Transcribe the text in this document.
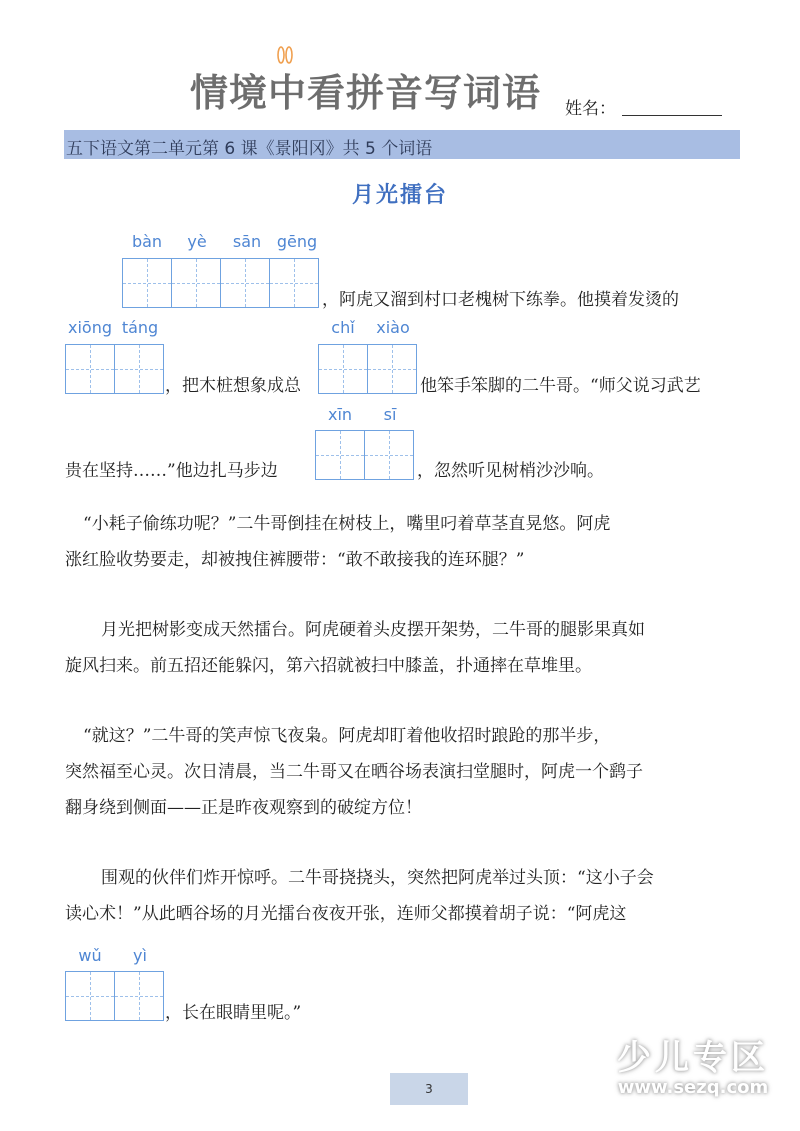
情境中看拼音写词语 姓名：
五下语文第二单元第 6 课《景阳冈》共 5 个词语
月光擂台
bàn	yè	sān gēng
，阿虎又溜到村口老槐树下练拳。他摸着发烫的
xiōng táng
，把木桩想象成总
chǐ	xiào
他笨手笨脚的二牛哥。“师父说习武艺
贵在坚持……”他边扎马步边
xīn	sī
，忽然听见树梢沙沙响。
“小耗子偷练功呢？”二牛哥倒挂在树枝上，嘴里叼着草茎直晃悠。阿虎
涨红脸收势要走，却被拽住裤腰带：“敢不敢接我的连环腿？”
月光把树影变成天然擂台。阿虎硬着头皮摆开架势，二牛哥的腿影果真如
旋风扫来。前五招还能躲闪，第六招就被扫中膝盖，扑通摔在草堆里。
“就这？”二牛哥的笑声惊飞夜枭。阿虎却盯着他收招时踉跄的那半步，
突然福至心灵。次日清晨，当二牛哥又在晒谷场表演扫堂腿时，阿虎一个鹞子
翻身绕到侧面——正是昨夜观察到的破绽方位！
围观的伙伴们炸开惊呼。二牛哥挠挠头，突然把阿虎举过头顶：“这小子会
读心术！”从此晒谷场的月光擂台夜夜开张，连师父都摸着胡子说：“阿虎这
wǔ	yì
，长在眼睛里呢。”
少儿专区
www.sezq.com
3
